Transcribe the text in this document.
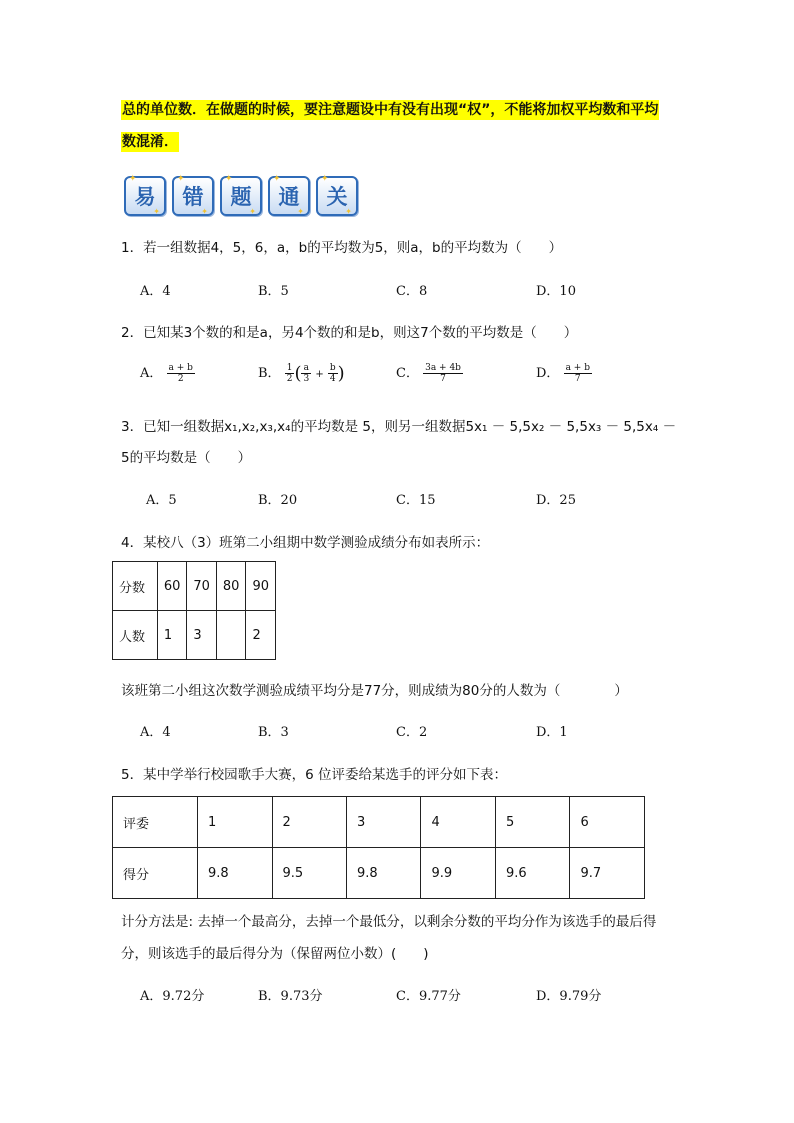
总的单位数．在做题的时候，要注意题设中有没有出现“权”，不能将加权平均数和平均
数混淆．
✦ 易 ✦	✦ 错 ✦	✦ 题 ✦	✦ 通 ✦	✦ 关 ✦
1．若一组数据4，5，6，a，b的平均数为5，则a，b的平均数为（　　）
A．4	B．5	C．8	D．10
2．已知某3个数的和是a，另4个数的和是b，则这7个数的平均数是（　　）
A． $\frac{a + b}{2}$	B． $\frac{1}{2}$ ( $\frac{a}{3} + \frac{b}{4}$ )	C． $\frac{3a + 4b}{7}$	D． $\frac{a + b}{7}$
3．已知一组数据x₁,x₂,x₃,x₄的平均数是 5，则另一组数据5x₁ － 5,5x₂ － 5,5x₃ － 5,5x₄ －
5的平均数是（　　）
A．5	B．20	C．15	D．25
4．某校八（3）班第二小组期中数学测验成绩分布如表所示：
分数	60	70	80	90
人数	1	3		2
该班第二小组这次数学测验成绩平均分是77分，则成绩为80分的人数为（　　　　）
A．4	B．3	C．2	D．1
5．某中学举行校园歌手大赛，6 位评委给某选手的评分如下表：
评委	1	2	3	4	5	6
得分	9.8	9.5	9.8	9.9	9.6	9.7
计分方法是: 去掉一个最高分，去掉一个最低分，以剩余分数的平均分作为该选手的最后得
分，则该选手的最后得分为（保留两位小数）(　　)
A．9.72分	B．9.73分	C．9.77分	D．9.79分
